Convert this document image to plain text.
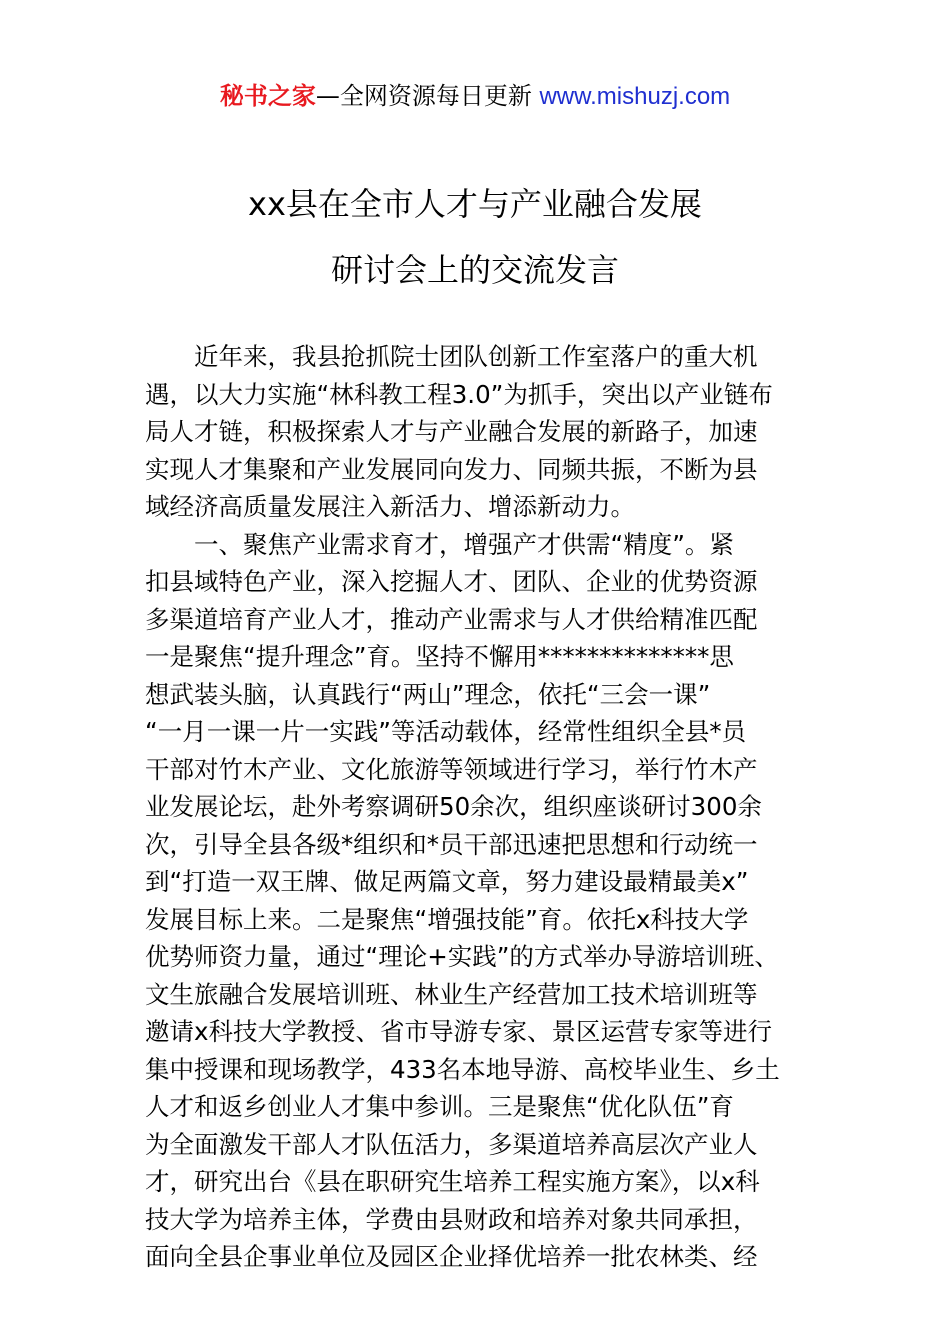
秘书之家—全网资源每日更新 www.mishuzj.com
xx县在全市人才与产业融合发展
研讨会上的交流发言
　　近年来，我县抢抓院士团队创新工作室落户的重大机
遇，以大力实施“林科教工程3.0”为抓手，突出以产业链布
局人才链，积极探索人才与产业融合发展的新路子，加速
实现人才集聚和产业发展同向发力、同频共振，不断为县
域经济高质量发展注入新活力、增添新动力。
　　一、聚焦产业需求育才，增强产才供需“精度”。紧
扣县域特色产业，深入挖掘人才、团队、企业的优势资源
多渠道培育产业人才，推动产业需求与人才供给精准匹配
一是聚焦“提升理念”育。坚持不懈用**************思
想武装头脑，认真践行“两山”理念，依托“三会一课”
“一月一课一片一实践”等活动载体，经常性组织全县*员
干部对竹木产业、文化旅游等领域进行学习，举行竹木产
业发展论坛，赴外考察调研50余次，组织座谈研讨300余
次，引导全县各级*组织和*员干部迅速把思想和行动统一
到“打造一双王牌、做足两篇文章，努力建设最精最美x”
发展目标上来。二是聚焦“增强技能”育。依托x科技大学
优势师资力量，通过“理论+实践”的方式举办导游培训班、
文生旅融合发展培训班、林业生产经营加工技术培训班等
邀请x科技大学教授、省市导游专家、景区运营专家等进行
集中授课和现场教学，433名本地导游、高校毕业生、乡土
人才和返乡创业人才集中参训。三是聚焦“优化队伍”育
为全面激发干部人才队伍活力，多渠道培养高层次产业人
才，研究出台《县在职研究生培养工程实施方案》，以x科
技大学为培养主体，学费由县财政和培养对象共同承担，
面向全县企事业单位及园区企业择优培养一批农林类、经
